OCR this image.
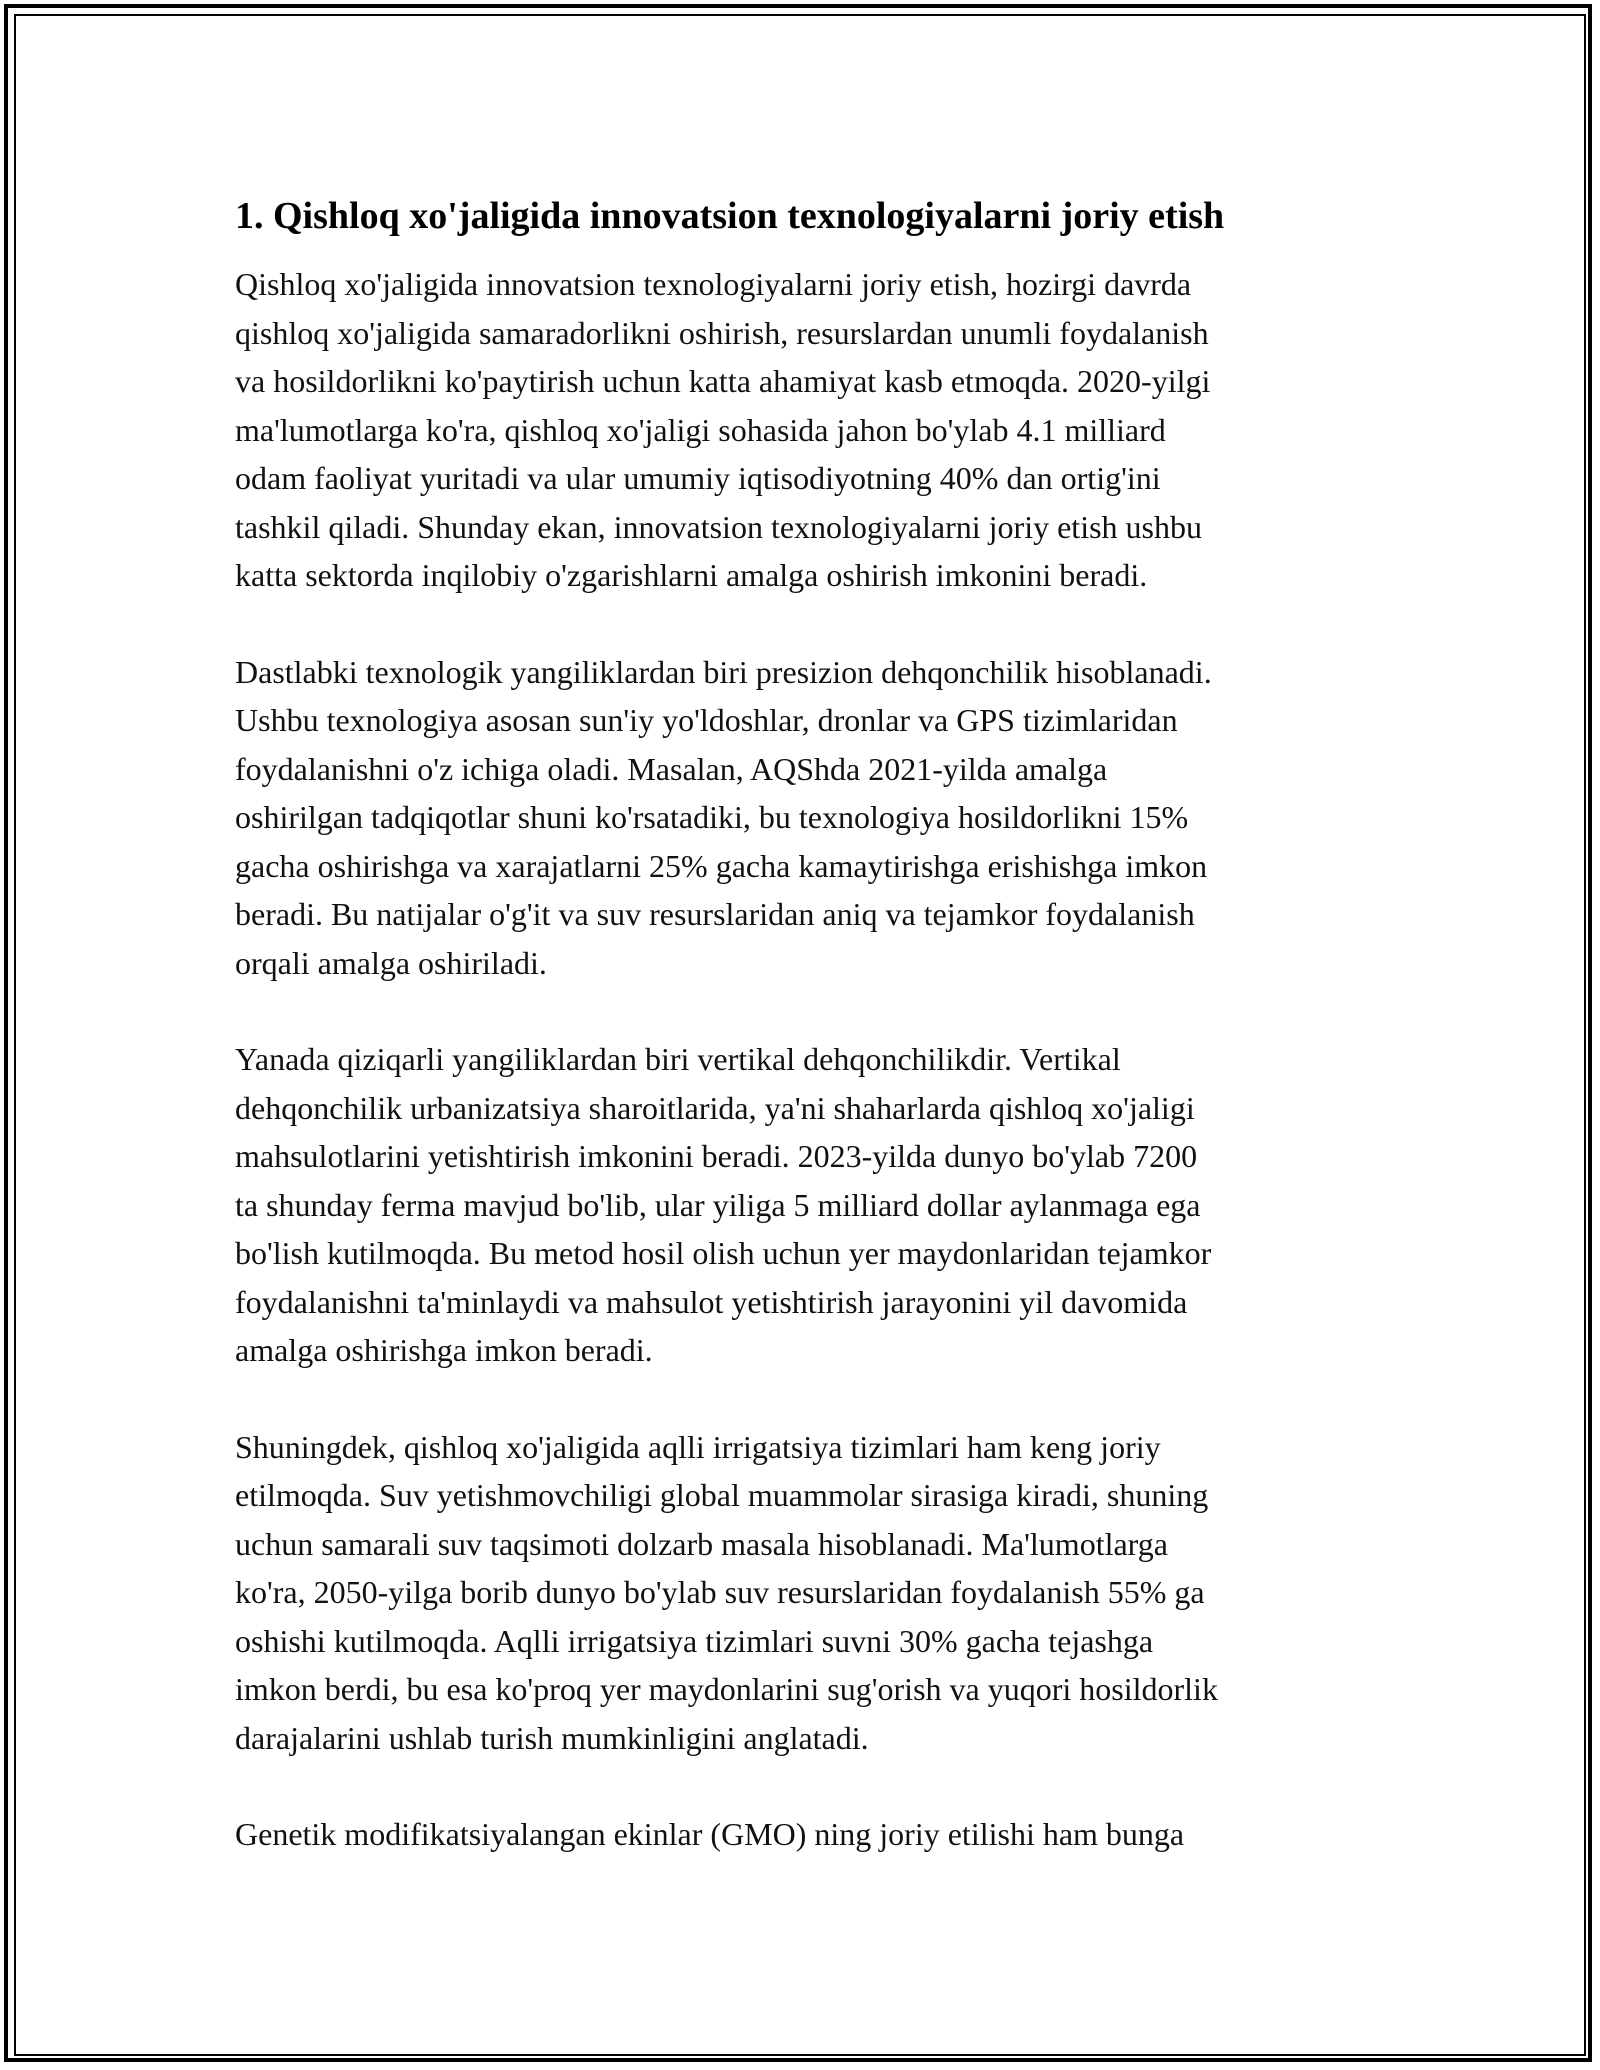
1. Qishloq xo'jaligida innovatsion texnologiyalarni joriy etish

Qishloq xo'jaligida innovatsion texnologiyalarni joriy etish, hozirgi davrda
qishloq xo'jaligida samaradorlikni oshirish, resurslardan unumli foydalanish
va hosildorlikni ko'paytirish uchun katta ahamiyat kasb etmoqda. 2020-yilgi
ma'lumotlarga ko'ra, qishloq xo'jaligi sohasida jahon bo'ylab 4.1 milliard
odam faoliyat yuritadi va ular umumiy iqtisodiyotning 40% dan ortig'ini
tashkil qiladi. Shunday ekan, innovatsion texnologiyalarni joriy etish ushbu
katta sektorda inqilobiy o'zgarishlarni amalga oshirish imkonini beradi.

Dastlabki texnologik yangiliklardan biri presizion dehqonchilik hisoblanadi.
Ushbu texnologiya asosan sun'iy yo'ldoshlar, dronlar va GPS tizimlaridan
foydalanishni o'z ichiga oladi. Masalan, AQShda 2021-yilda amalga
oshirilgan tadqiqotlar shuni ko'rsatadiki, bu texnologiya hosildorlikni 15%
gacha oshirishga va xarajatlarni 25% gacha kamaytirishga erishishga imkon
beradi. Bu natijalar o'g'it va suv resurslaridan aniq va tejamkor foydalanish
orqali amalga oshiriladi.

Yanada qiziqarli yangiliklardan biri vertikal dehqonchilikdir. Vertikal
dehqonchilik urbanizatsiya sharoitlarida, ya'ni shaharlarda qishloq xo'jaligi
mahsulotlarini yetishtirish imkonini beradi. 2023-yilda dunyo bo'ylab 7200
ta shunday ferma mavjud bo'lib, ular yiliga 5 milliard dollar aylanmaga ega
bo'lish kutilmoqda. Bu metod hosil olish uchun yer maydonlaridan tejamkor
foydalanishni ta'minlaydi va mahsulot yetishtirish jarayonini yil davomida
amalga oshirishga imkon beradi.

Shuningdek, qishloq xo'jaligida aqlli irrigatsiya tizimlari ham keng joriy
etilmoqda. Suv yetishmovchiligi global muammolar sirasiga kiradi, shuning
uchun samarali suv taqsimoti dolzarb masala hisoblanadi. Ma'lumotlarga
ko'ra, 2050-yilga borib dunyo bo'ylab suv resurslaridan foydalanish 55% ga
oshishi kutilmoqda. Aqlli irrigatsiya tizimlari suvni 30% gacha tejashga
imkon berdi, bu esa ko'proq yer maydonlarini sug'orish va yuqori hosildorlik
darajalarini ushlab turish mumkinligini anglatadi.

Genetik modifikatsiyalangan ekinlar (GMO) ning joriy etilishi ham bunga
